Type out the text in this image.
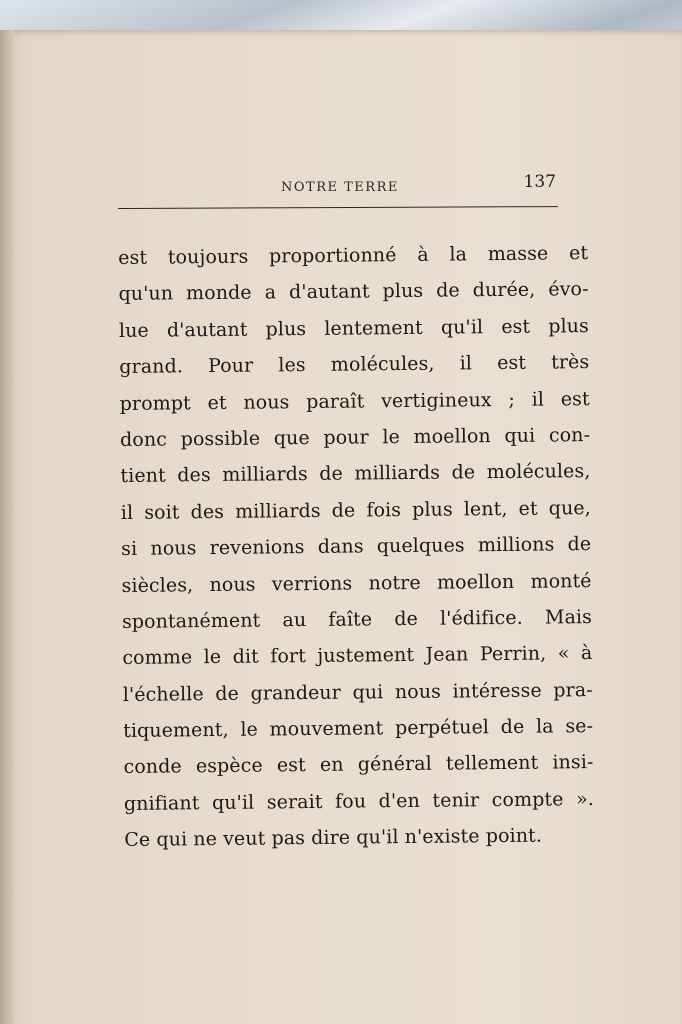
NOTRE TERRE	137
est toujours proportionné à la masse et
qu'un monde a d'autant plus de durée, évo-
lue d'autant plus lentement qu'il est plus
grand. Pour les molécules, il est très
prompt et nous paraît vertigineux ; il est
donc possible que pour le moellon qui con-
tient des milliards de milliards de molécules,
il soit des milliards de fois plus lent, et que,
si nous revenions dans quelques millions de
siècles, nous verrions notre moellon monté
spontanément au faîte de l'édifice. Mais
comme le dit fort justement Jean Perrin, « à
l'échelle de grandeur qui nous intéresse pra-
tiquement, le mouvement perpétuel de la se-
conde espèce est en général tellement insi-
gnifiant qu'il serait fou d'en tenir compte ».
Ce qui ne veut pas dire qu'il n'existe point.
